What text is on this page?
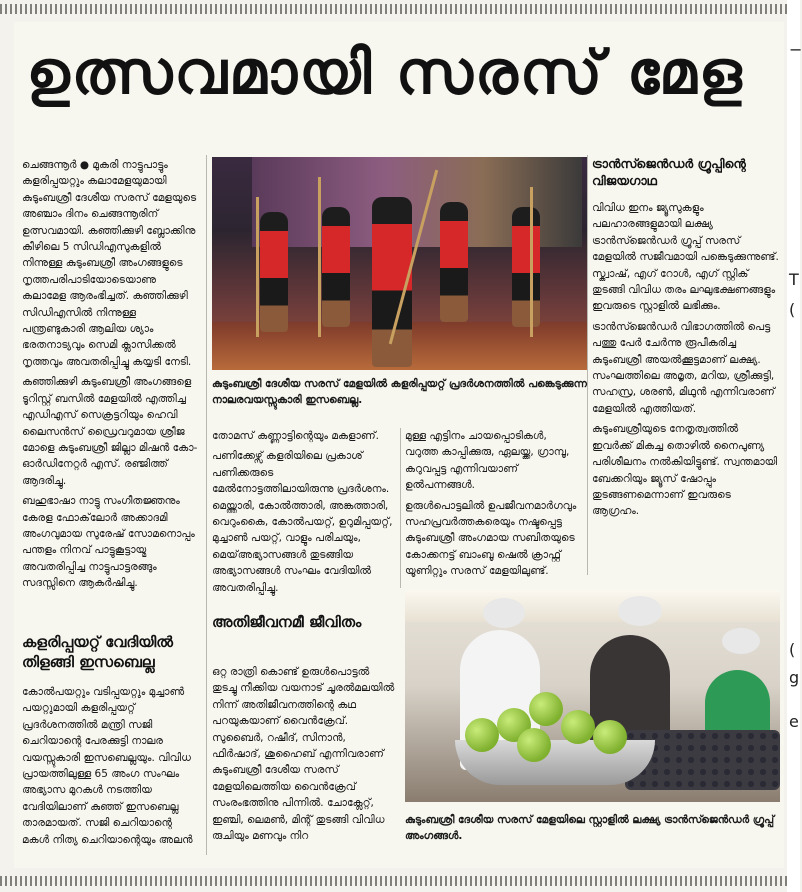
−
(
T
(
g
e
ഉത്സവമായി സരസ് മേള

ചെങ്ങന്നൂർ ● മുകരി നാട്ടുപാട്ടും കളരിപ്പയറ്റും കലാമേളയുമായി കുടുംബശ്രീ ദേശീയ സരസ് മേളയുടെ അഞ്ചാം ദിനം ചെങ്ങന്നൂരിന് ഉത്സവമായി. കഞ്ഞിക്കുഴി ബ്ലോക്കിനു കീഴിലെ 5 സിഡിഎസുകളിൽ നിന്നുള്ള കുടുംബശ്രീ അംഗങ്ങളുടെ നൃത്തപരിപാടിയോടെയാണു കലാമേള ആരംഭിച്ചത്. കഞ്ഞിക്കുഴി സിഡിഎസിൽ നിന്നുള്ള പന്ത്രണ്ടുകാരി ആലിയ ശ്യാം ഭരതനാട്യവും സെമി ക്ലാസിക്കൽ നൃത്തവും അവതരിപ്പിച്ചു കയ്യടി നേടി.

കഞ്ഞിക്കുഴി കുടുംബശ്രീ അംഗങ്ങളെ ടൂറിസ്റ്റ് ബസിൽ മേളയിൽ എത്തിച്ച എഡിഎസ് സെക്രട്ടറിയും ഹെവി ലൈസൻസ് ഡ്രൈവറുമായ ശ്രീജ മോളെ കുടുംബശ്രീ ജില്ലാ മിഷൻ കോ-ഓർഡിനേറ്റർ എസ്. രഞ്ജിത്ത് ആദരിച്ചു.

ബഹുഭാഷാ നാട്ടു സംഗീതജ്ഞനും കേരള ഫോക്‌ലോർ അക്കാദമി അംഗവുമായ സുരേഷ് സോമനൊപ്പം പന്തളം നിനവ് പാട്ടുകൂട്ടായ്മ അവതരിപ്പിച്ച നാട്ടുപാട്ടരങ്ങും സദസ്സിനെ ആകർഷിച്ചു.

കളരിപ്പയറ്റ് വേദിയിൽ തിളങ്ങി ഇസബെല്ല

കോൽപയറ്റും വടിപ്പയറ്റും മുച്ചാൺ പയറ്റുമായി കളരിപ്പയറ്റ് പ്രദർശനത്തിൽ മന്ത്രി സജി ചെറിയാന്റെ പേരക്കുട്ടി നാലര വയസ്സുകാരി ഇസബെല്ലയും. വിവിധ പ്രായത്തിലുള്ള 65 അംഗ സംഘം അഭ്യാസ മുറകൾ നടത്തിയ വേദിയിലാണ് കുഞ്ഞ് ഇസബെല്ല താരമായത്. സജി ചെറിയാന്റെ മകൾ നിത്യ ചെറിയാന്റെയും അലൻ

കുടുംബശ്രീ ദേശീയ സരസ് മേളയിൽ കളരിപ്പയറ്റ് പ്രദർശനത്തിൽ പങ്കെടുക്കുന്ന നാലരവയസ്സുകാരി ഇസബെല്ല.

തോമസ് കണ്ണാട്ടിന്റെയും മകളാണ്.

പണിക്കേഴ്സ് കളരിയിലെ പ്രകാശ് പണിക്കരുടെ മേൽനോട്ടത്തിലായിരുന്നു പ്രദർശനം. മെയ്ത്താരി, കോൽത്താരി, അങ്കത്താരി, വെറുംകൈ, കോൽപയറ്റ്, ഉറുമിപ്പയറ്റ്, മുച്ചാൺ പയറ്റ്, വാളും പരിചയും, മെയ്അഭ്യാസങ്ങൾ തുടങ്ങിയ അഭ്യാസങ്ങൾ സംഘം വേദിയിൽ അവതരിപ്പിച്ചു.

അതിജീവനമീ ജീവിതം

ഒറ്റ രാത്രി കൊണ്ട് ഉരുൾപൊട്ടൽ തുടച്ചു നീക്കിയ വയനാട് ചൂരൽമലയിൽ നിന്ന് അതിജീവനത്തിന്റെ കഥ പറയുകയാണ് വൈൻക്രേവ്. സുബൈർ, റഷീദ്, സിനാൻ, ഫിർഷാദ്, ശുഹൈബ് എന്നിവരാണ് കുടുംബശ്രീ ദേശീയ സരസ് മേളയിലെത്തിയ വൈൻക്രേവ് സംരംഭത്തിനു പിന്നിൽ. ചോക്ലേറ്റ്, ഇഞ്ചി, ലെമൺ, മിന്റ് തുടങ്ങി വിവിധ രുചിയും മണവും നിറ

മുള്ള എട്ടിനം ചായപ്പൊടികൾ, വറുത്ത കാപ്പിക്കുരു, ഏലയ്ക്ക, ഗ്രാമ്പൂ, കറുവപ്പട്ട എന്നിവയാണ് ഉൽപന്നങ്ങൾ.

ഉരുൾപൊട്ടലിൽ ഉപജീവനമാർഗവും സഹപ്രവർത്തകരെയും നഷ്ടപ്പെട്ട കുടുംബശ്രീ അംഗമായ സബിതയുടെ കോക്കനട്ട് ബാംബൂ ഷെൽ ക്രാഫ്റ്റ് യൂണിറ്റും സരസ് മേളയിലുണ്ട്.

ട്രാൻസ്ജെൻഡർ ഗ്രൂപ്പിന്റെ വിജയഗാഥ

വിവിധ ഇനം ജ്യൂസുകളും പലഹാരങ്ങളുമായി ലക്ഷ്യ ട്രാൻസ്ജെൻഡർ ഗ്രൂപ്പ് സരസ് മേളയിൽ സജീവമായി പങ്കെടുക്കുന്നുണ്ട്. സ്ക്വാഷ്, എഗ് റോൾ, എഗ് സ്റ്റിക് തുടങ്ങി വിവിധ തരം ലഘുഭക്ഷണങ്ങളും ഇവരുടെ സ്റ്റാളിൽ ലഭിക്കും.

ട്രാൻസ്ജെൻഡർ വിഭാഗത്തിൽ പെട്ട പത്തു പേർ ചേർന്നു രൂപീകരിച്ച കുടുംബശ്രീ അയൽക്കൂട്ടമാണ് ലക്ഷ്യ. സംഘത്തിലെ അമൃത, മറിയ, ശ്രീക്കുട്ടി, സഹസ്ര, ശരൺ, മിഥുൻ എന്നിവരാണ് മേളയിൽ എത്തിയത്.

കുടുംബശ്രീയുടെ നേതൃത്വത്തിൽ ഇവർക്ക് മികച്ച തൊഴിൽ നൈപുണ്യ പരിശീലനം നൽകിയിട്ടുണ്ട്. സ്വന്തമായി ബേക്കറിയും ജ്യൂസ് ഷോപ്പും തുടങ്ങണമെന്നാണ് ഇവരുടെ ആഗ്രഹം.

കുടുംബശ്രീ ദേശീയ സരസ് മേളയിലെ സ്റ്റാളിൽ ലക്ഷ്യ ട്രാൻസ്ജെൻഡർ ഗ്രൂപ്പ് അംഗങ്ങൾ.
